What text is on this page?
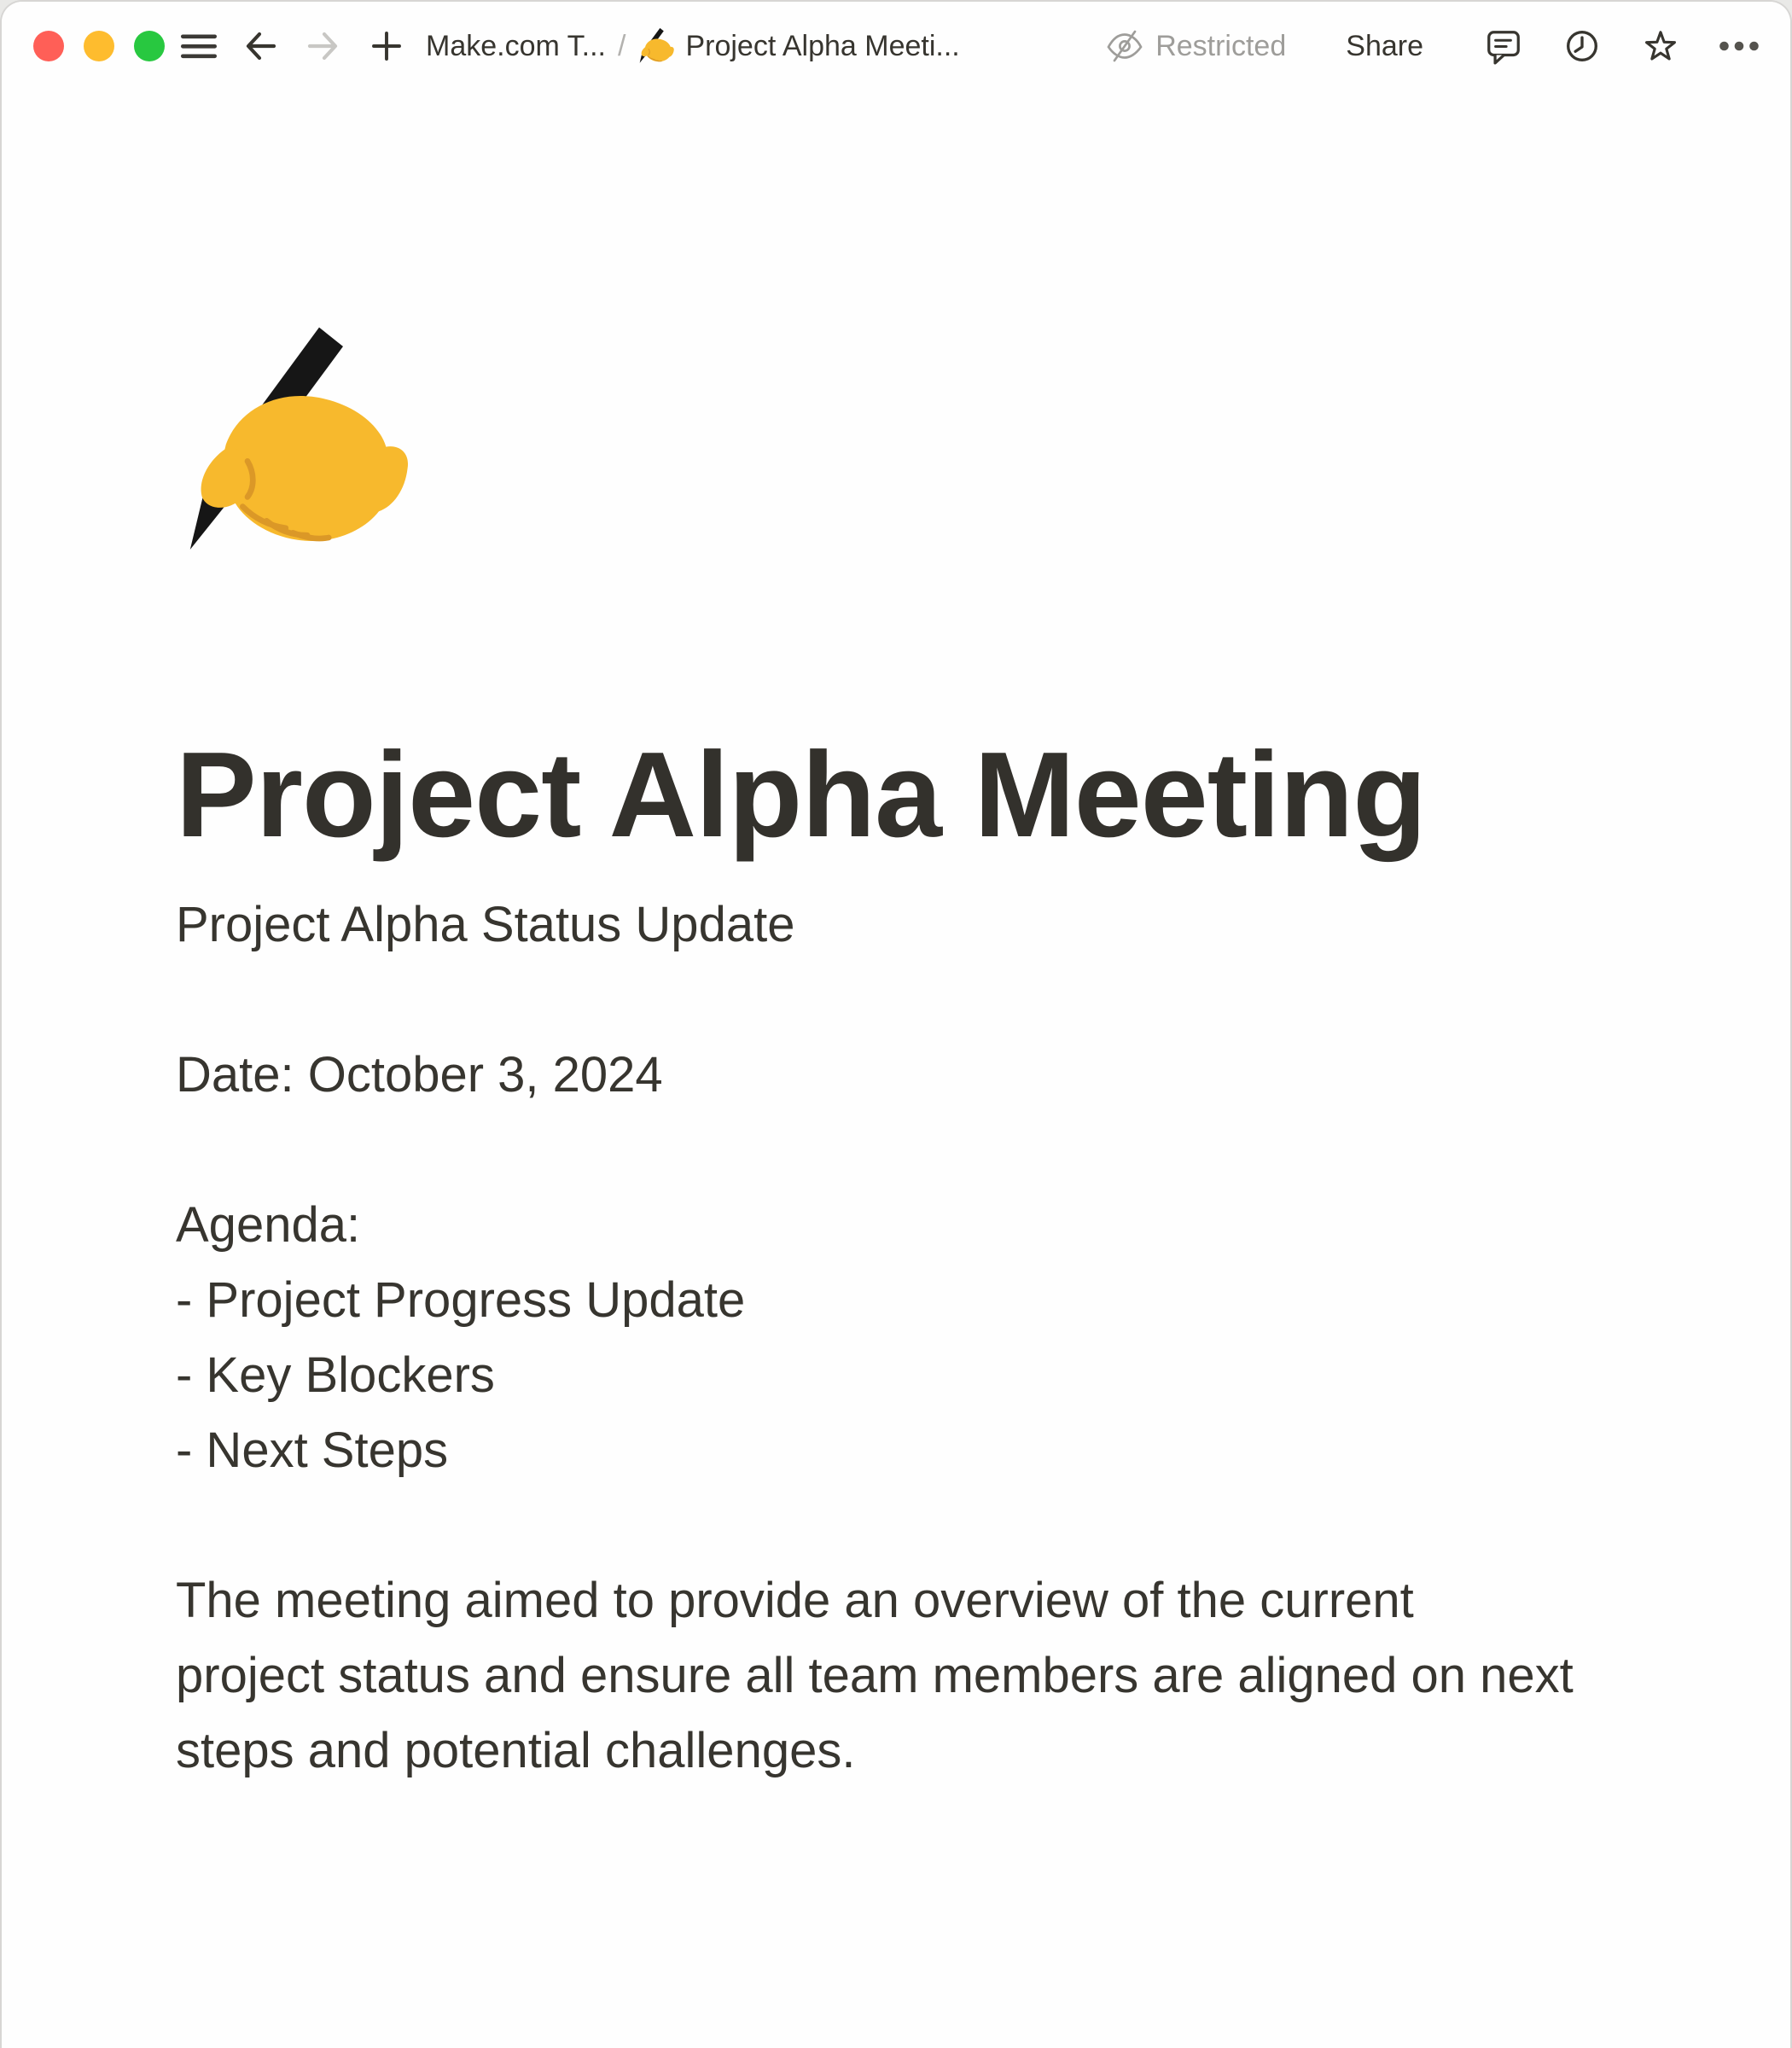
Make.com T... / Project Alpha Meeti...	Restricted	Share
Project Alpha Meeting

Project Alpha Status Update

Date: October 3, 2024

Agenda:

- Project Progress Update

- Key Blockers

- Next Steps

The meeting aimed to provide an overview of the current

project status and ensure all team members are aligned on next

steps and potential challenges.
